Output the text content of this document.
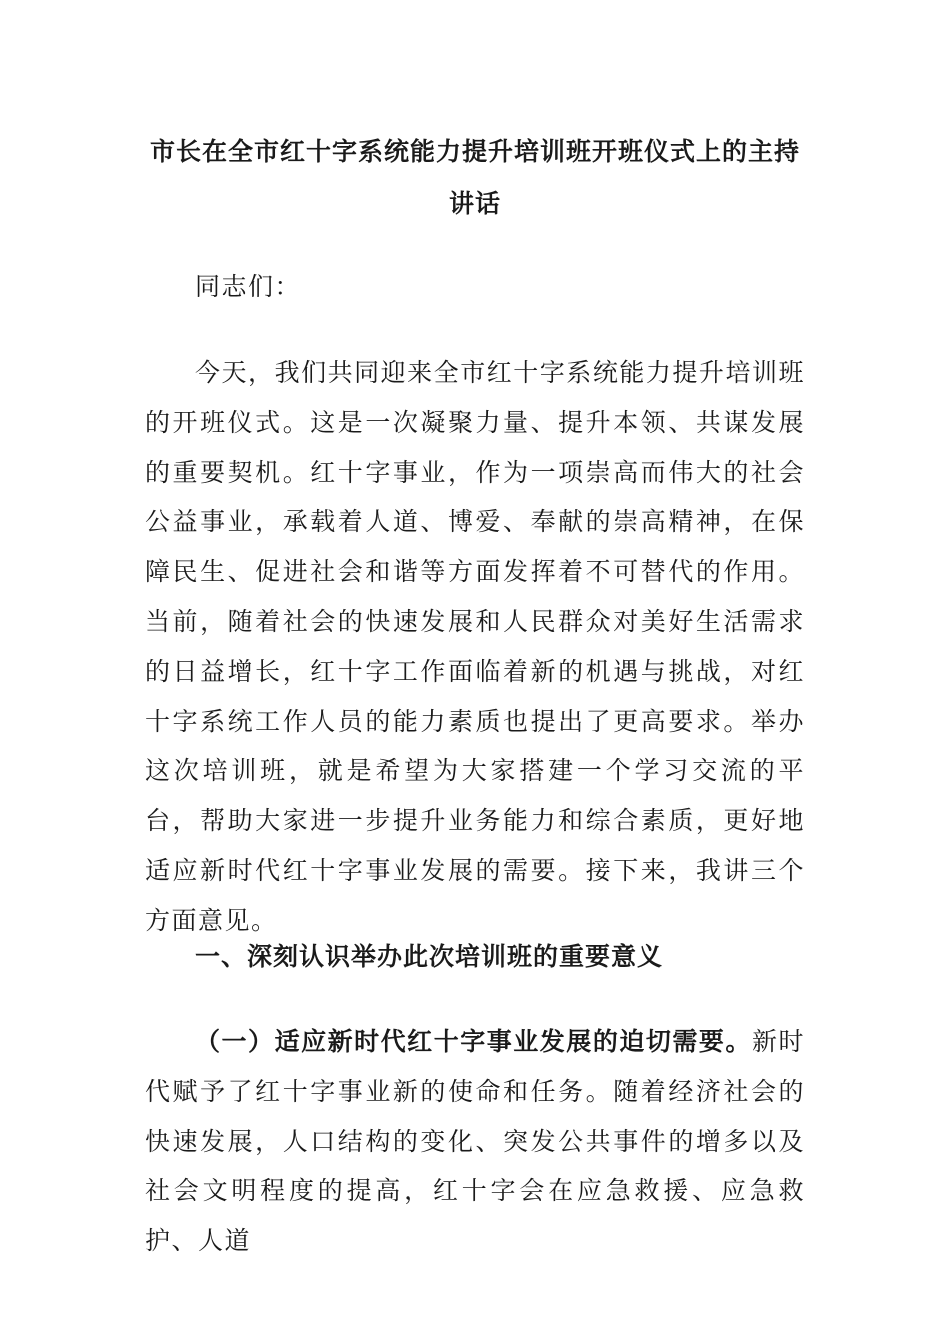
市长在全市红十字系统能力提升培训班开班仪式上的主持讲话
同志们：
今天，我们共同迎来全市红十字系统能力提升培训班的开班仪式。这是一次凝聚力量、提升本领、共谋发展的重要契机。红十字事业，作为一项崇高而伟大的社会公益事业，承载着人道、博爱、奉献的崇高精神，在保障民生、促进社会和谐等方面发挥着不可替代的作用。当前，随着社会的快速发展和人民群众对美好生活需求的日益增长，红十字工作面临着新的机遇与挑战，对红十字系统工作人员的能力素质也提出了更高要求。举办这次培训班，就是希望为大家搭建一个学习交流的平台，帮助大家进一步提升业务能力和综合素质，更好地适应新时代红十字事业发展的需要。接下来，我讲三个方面意见。
一、深刻认识举办此次培训班的重要意义
（一）适应新时代红十字事业发展的迫切需要。新时代赋予了红十字事业新的使命和任务。随着经济社会的快速发展，人口结构的变化、突发公共事件的增多以及社会文明程度的提高，红十字会在应急救援、应急救护、人道
